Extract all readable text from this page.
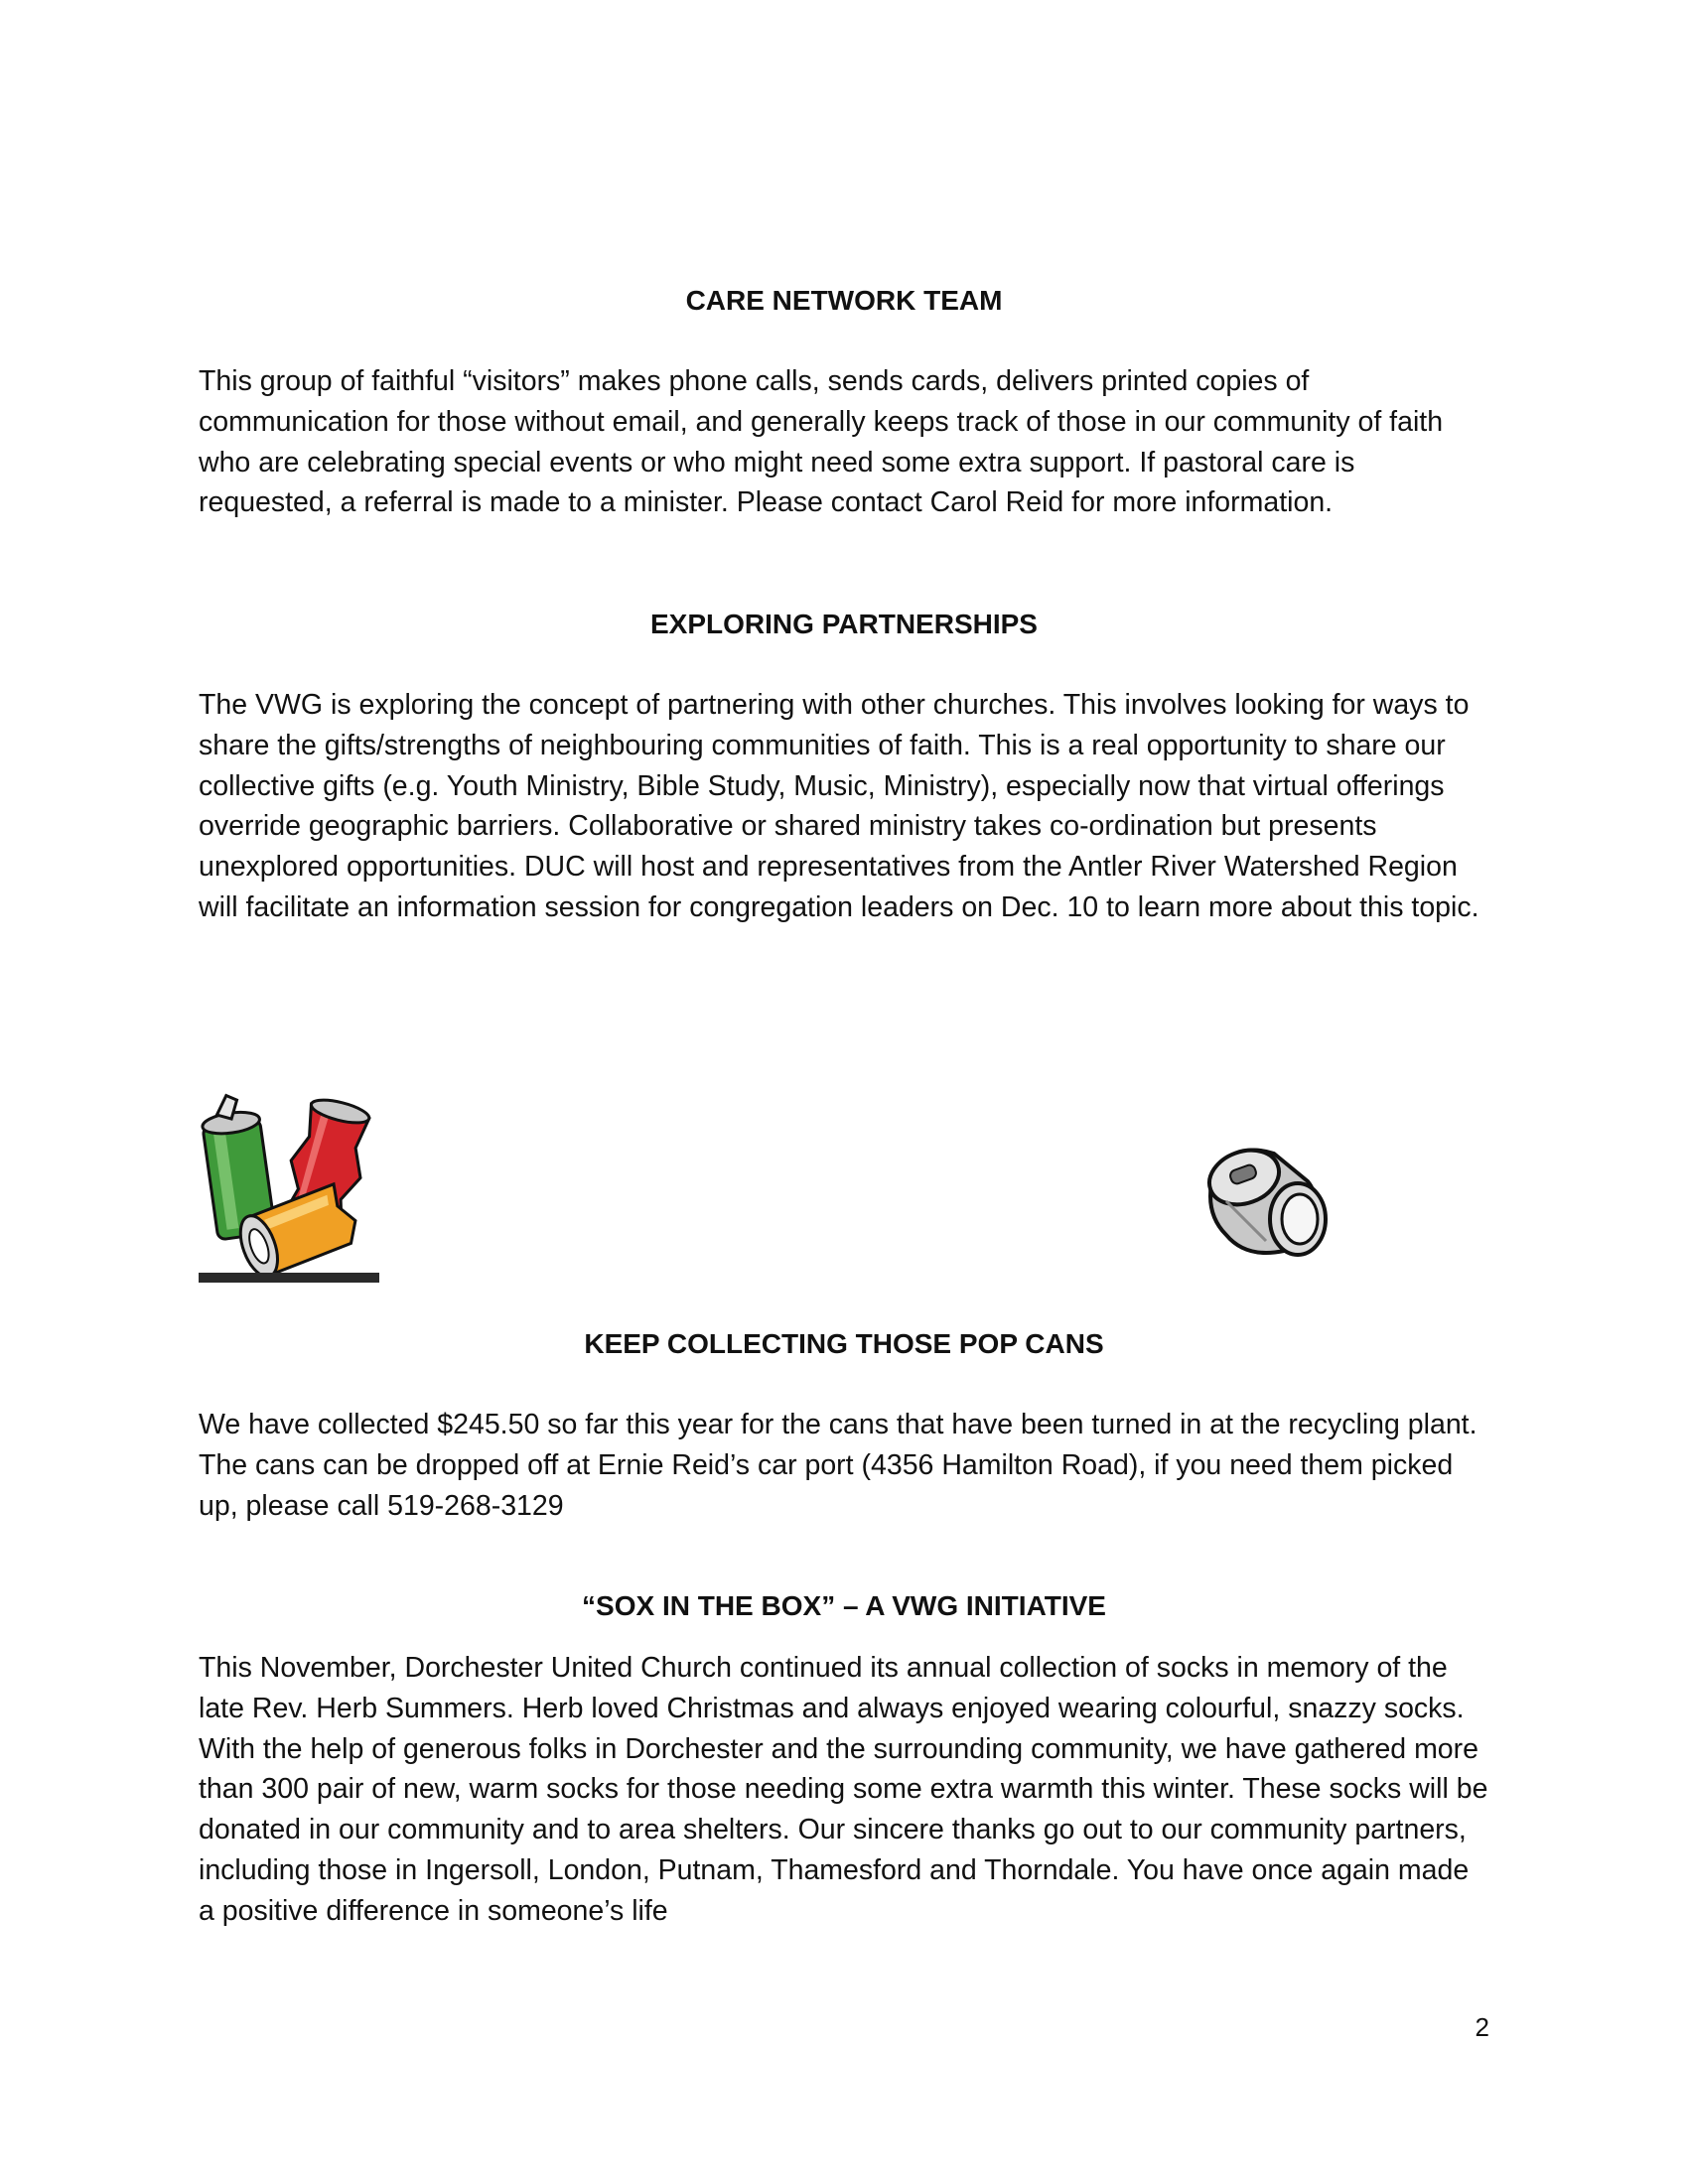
CARE NETWORK TEAM

This group of faithful “visitors” makes phone calls, sends cards, delivers printed copies of communication for those without email, and generally keeps track of those in our community of faith who are celebrating special events or who might need some extra support. If pastoral care is requested, a referral is made to a minister. Please contact Carol Reid for more information.

EXPLORING PARTNERSHIPS

The VWG is exploring the concept of partnering with other churches. This involves looking for ways to share the gifts/strengths of neighbouring communities of faith. This is a real opportunity to share our collective gifts (e.g. Youth Ministry, Bible Study, Music, Ministry), especially now that virtual offerings override geographic barriers. Collaborative or shared ministry takes co-ordination but presents unexplored opportunities. DUC will host and representatives from the Antler River Watershed Region will facilitate an information session for congregation leaders on Dec. 10 to learn more about this topic.

KEEP COLLECTING THOSE POP CANS

We have collected $245.50 so far this year for the cans that have been turned in at the recycling plant. The cans can be dropped off at Ernie Reid’s car port (4356 Hamilton Road), if you need them picked up, please call 519-268-3129

“SOX IN THE BOX” – A VWG INITIATIVE

This November, Dorchester United Church continued its annual collection of socks in memory of the late Rev. Herb Summers. Herb loved Christmas and always enjoyed wearing colourful, snazzy socks. With the help of generous folks in Dorchester and the surrounding community, we have gathered more than 300 pair of new, warm socks for those needing some extra warmth this winter. These socks will be donated in our community and to area shelters. Our sincere thanks go out to our community partners, including those in Ingersoll, London, Putnam, Thamesford and Thorndale. You have once again made a positive difference in someone’s life

2
